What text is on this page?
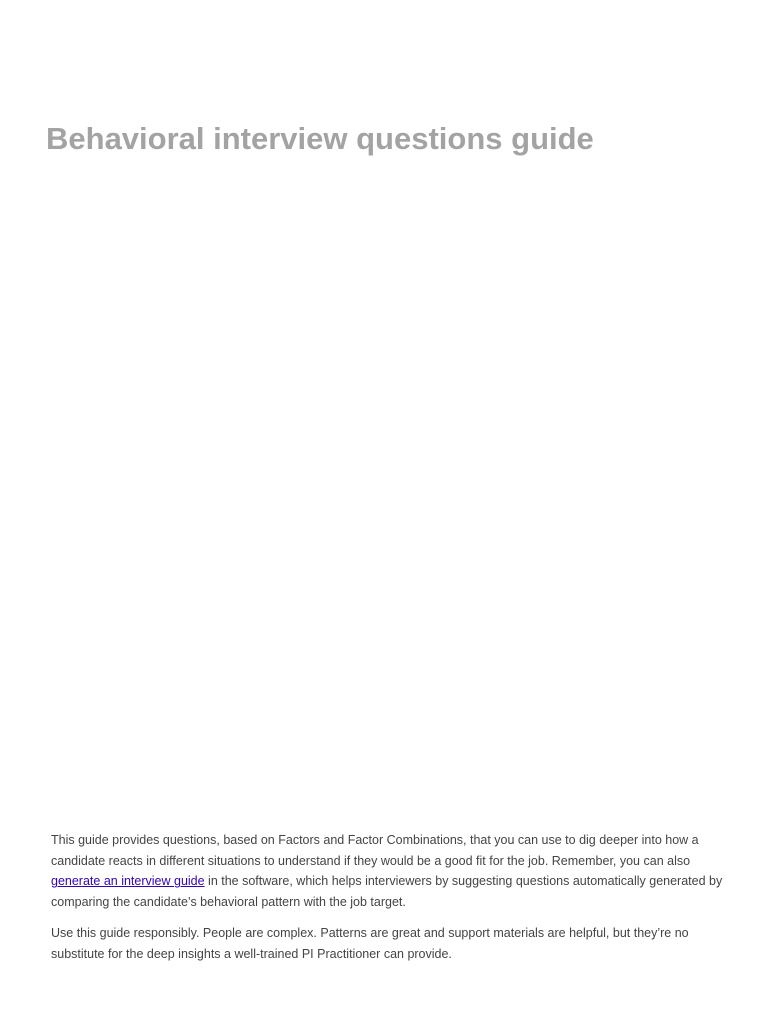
Behavioral interview questions guide

This guide provides questions, based on Factors and Factor Combinations, that you can use to dig deeper into how a candidate reacts in different situations to understand if they would be a good fit for the job. Remember, you can also generate an interview guide in the software, which helps interviewers by suggesting questions automatically generated by comparing the candidate’s behavioral pattern with the job target.

Use this guide responsibly. People are complex. Patterns are great and support materials are helpful, but they’re no substitute for the deep insights a well-trained PI Practitioner can provide.
